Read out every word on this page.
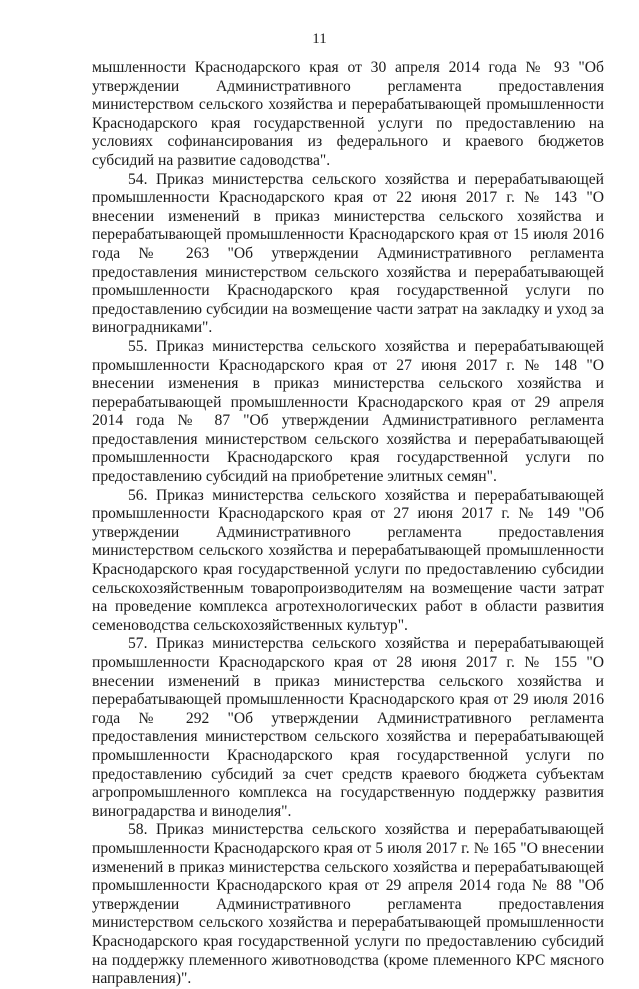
11

мышленности Краснодарского края от 30 апреля 2014 года № 93 "Об утверждении Административного регламента предоставления министерством сельского хозяйства и перерабатывающей промышленности Краснодарского края государственной услуги по предоставлению на условиях софинансирования из федерального и краевого бюджетов субсидий на развитие садоводства".

54. Приказ министерства сельского хозяйства и перерабатывающей промышленности Краснодарского края от 22 июня 2017 г. № 143 "О внесении изменений в приказ министерства сельского хозяйства и перерабатывающей промышленности Краснодарского края от 15 июля 2016 года № 263 "Об утверждении Административного регламента предоставления министерством сельского хозяйства и перерабатывающей промышленности Краснодарского края государственной услуги по предоставлению субсидии на возмещение части затрат на закладку и уход за виноградниками".

55. Приказ министерства сельского хозяйства и перерабатывающей промышленности Краснодарского края от 27 июня 2017 г. № 148 "О внесении изменения в приказ министерства сельского хозяйства и перерабатывающей промышленности Краснодарского края от 29 апреля 2014 года № 87 "Об утверждении Административного регламента предоставления министерством сельского хозяйства и перерабатывающей промышленности Краснодарского края государственной услуги по предоставлению субсидий на приобретение элитных семян".

56. Приказ министерства сельского хозяйства и перерабатывающей промышленности Краснодарского края от 27 июня 2017 г. № 149 "Об утверждении Административного регламента предоставления министерством сельского хозяйства и перерабатывающей промышленности Краснодарского края государственной услуги по предоставлению субсидии сельскохозяйственным товаропроизводителям на возмещение части затрат на проведение комплекса агротехнологических работ в области развития семеноводства сельскохозяйственных культур".

57. Приказ министерства сельского хозяйства и перерабатывающей промышленности Краснодарского края от 28 июня 2017 г. № 155 "О внесении изменений в приказ министерства сельского хозяйства и перерабатывающей промышленности Краснодарского края от 29 июля 2016 года № 292 "Об утверждении Административного регламента предоставления министерством сельского хозяйства и перерабатывающей промышленности Краснодарского края государственной услуги по предоставлению субсидий за счет средств краевого бюджета субъектам агропромышленного комплекса на государственную поддержку развития виноградарства и виноделия".

58. Приказ министерства сельского хозяйства и перерабатывающей промышленности Краснодарского края от 5 июля 2017 г. № 165 "О внесении изменений в приказ министерства сельского хозяйства и перерабатывающей промышленности Краснодарского края от 29 апреля 2014 года № 88 "Об утверждении Административного регламента предоставления министерством сельского хозяйства и перерабатывающей промышленности Краснодарского края государственной услуги по предоставлению субсидий на поддержку племенного животноводства (кроме племенного КРС мясного направления)".
